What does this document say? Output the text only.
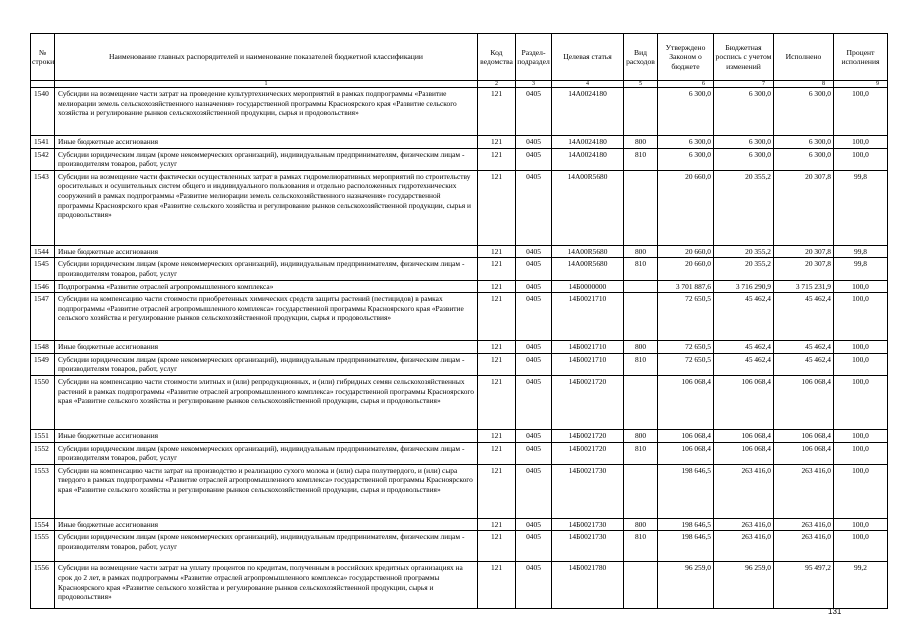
№ строки	Наименование главных распорядителей и наименование показателей бюджетной классификации	Код ведомства	Раздел-подраздел	Целевая статья	Вид расходов	Утверждено Законом о бюджете	Бюджетная роспись с учетом изменений	Исполнено	Процент исполнения
	1	2	3	4	5	6	7	8	9
1540	Субсидии на возмещение части затрат на проведение культуртехнических мероприятий в рамках подпрограммы «Развитие мелиорации земель сельскохозяйственного назначения» государственной программы Красноярского края «Развитие сельского хозяйства и регулирование рынков сельскохозяйственной продукции, сырья и продовольствия»	121	0405	14А0024180		6 300,0	6 300,0	6 300,0	100,0
1541	Иные бюджетные ассигнования	121	0405	14А0024180	800	6 300,0	6 300,0	6 300,0	100,0
1542	Субсидии юридическим лицам (кроме некоммерческих организаций), индивидуальным предпринимателям, физическим лицам - производителям товаров, работ, услуг	121	0405	14А0024180	810	6 300,0	6 300,0	6 300,0	100,0
1543	Субсидии на возмещение части фактически осуществленных затрат в рамках гидромелиоративных мероприятий по строительству оросительных и осушительных систем общего и индивидуального пользования и отдельно расположенных гидротехнических сооружений в рамках подпрограммы «Развитие мелиорации земель сельскохозяйственного назначения» государственной программы Красноярского края «Развитие сельского хозяйства и регулирование рынков сельскохозяйственной продукции, сырья и продовольствия»	121	0405	14А00R5680		20 660,0	20 355,2	20 307,8	99,8
1544	Иные бюджетные ассигнования	121	0405	14А00R5680	800	20 660,0	20 355,2	20 307,8	99,8
1545	Субсидии юридическим лицам (кроме некоммерческих организаций), индивидуальным предпринимателям, физическим лицам - производителям товаров, работ, услуг	121	0405	14А00R5680	810	20 660,0	20 355,2	20 307,8	99,8
1546	Подпрограмма «Развитие отраслей агропромышленного комплекса»	121	0405	14Б0000000		3 701 887,6	3 716 290,9	3 715 231,9	100,0
1547	Субсидии на компенсацию части стоимости приобретенных химических средств защиты растений (пестицидов) в рамках подпрограммы «Развитие отраслей агропромышленного комплекса» государственной программы Красноярского края «Развитие сельского хозяйства и регулирование рынков сельскохозяйственной продукции, сырья и продовольствия»	121	0405	14Б0021710		72 650,5	45 462,4	45 462,4	100,0
1548	Иные бюджетные ассигнования	121	0405	14Б0021710	800	72 650,5	45 462,4	45 462,4	100,0
1549	Субсидии юридическим лицам (кроме некоммерческих организаций), индивидуальным предпринимателям, физическим лицам - производителям товаров, работ, услуг	121	0405	14Б0021710	810	72 650,5	45 462,4	45 462,4	100,0
1550	Субсидии на компенсацию части стоимости элитных и (или) репродукционных, и (или) гибридных семян сельскохозяйственных растений в рамках подпрограммы «Развитие отраслей агропромышленного комплекса» государственной программы Красноярского края «Развитие сельского хозяйства и регулирование рынков сельскохозяйственной продукции, сырья и продовольствия»	121	0405	14Б0021720		106 068,4	106 068,4	106 068,4	100,0
1551	Иные бюджетные ассигнования	121	0405	14Б0021720	800	106 068,4	106 068,4	106 068,4	100,0
1552	Субсидии юридическим лицам (кроме некоммерческих организаций), индивидуальным предпринимателям, физическим лицам - производителям товаров, работ, услуг	121	0405	14Б0021720	810	106 068,4	106 068,4	106 068,4	100,0
1553	Субсидии на компенсацию части затрат на производство и реализацию сухого молока и (или) сыра полутвердого, и (или) сыра твердого в рамках подпрограммы «Развитие отраслей агропромышленного комплекса» государственной программы Красноярского края «Развитие сельского хозяйства и регулирование рынков сельскохозяйственной продукции, сырья и продовольствия»	121	0405	14Б0021730		198 646,5	263 416,0	263 416,0	100,0
1554	Иные бюджетные ассигнования	121	0405	14Б0021730	800	198 646,5	263 416,0	263 416,0	100,0
1555	Субсидии юридическим лицам (кроме некоммерческих организаций), индивидуальным предпринимателям, физическим лицам - производителям товаров, работ, услуг	121	0405	14Б0021730	810	198 646,5	263 416,0	263 416,0	100,0
1556	Субсидии на возмещение части затрат на уплату процентов по кредитам, полученным в российских кредитных организациях на срок до 2 лет, в рамках подпрограммы «Развитие отраслей агропромышленного комплекса» государственной программы Красноярского края «Развитие сельского хозяйства и регулирование рынков сельскохозяйственной продукции, сырья и продовольствия»	121	0405	14Б0021780		96 259,0	96 259,0	95 497,2	99,2
131
